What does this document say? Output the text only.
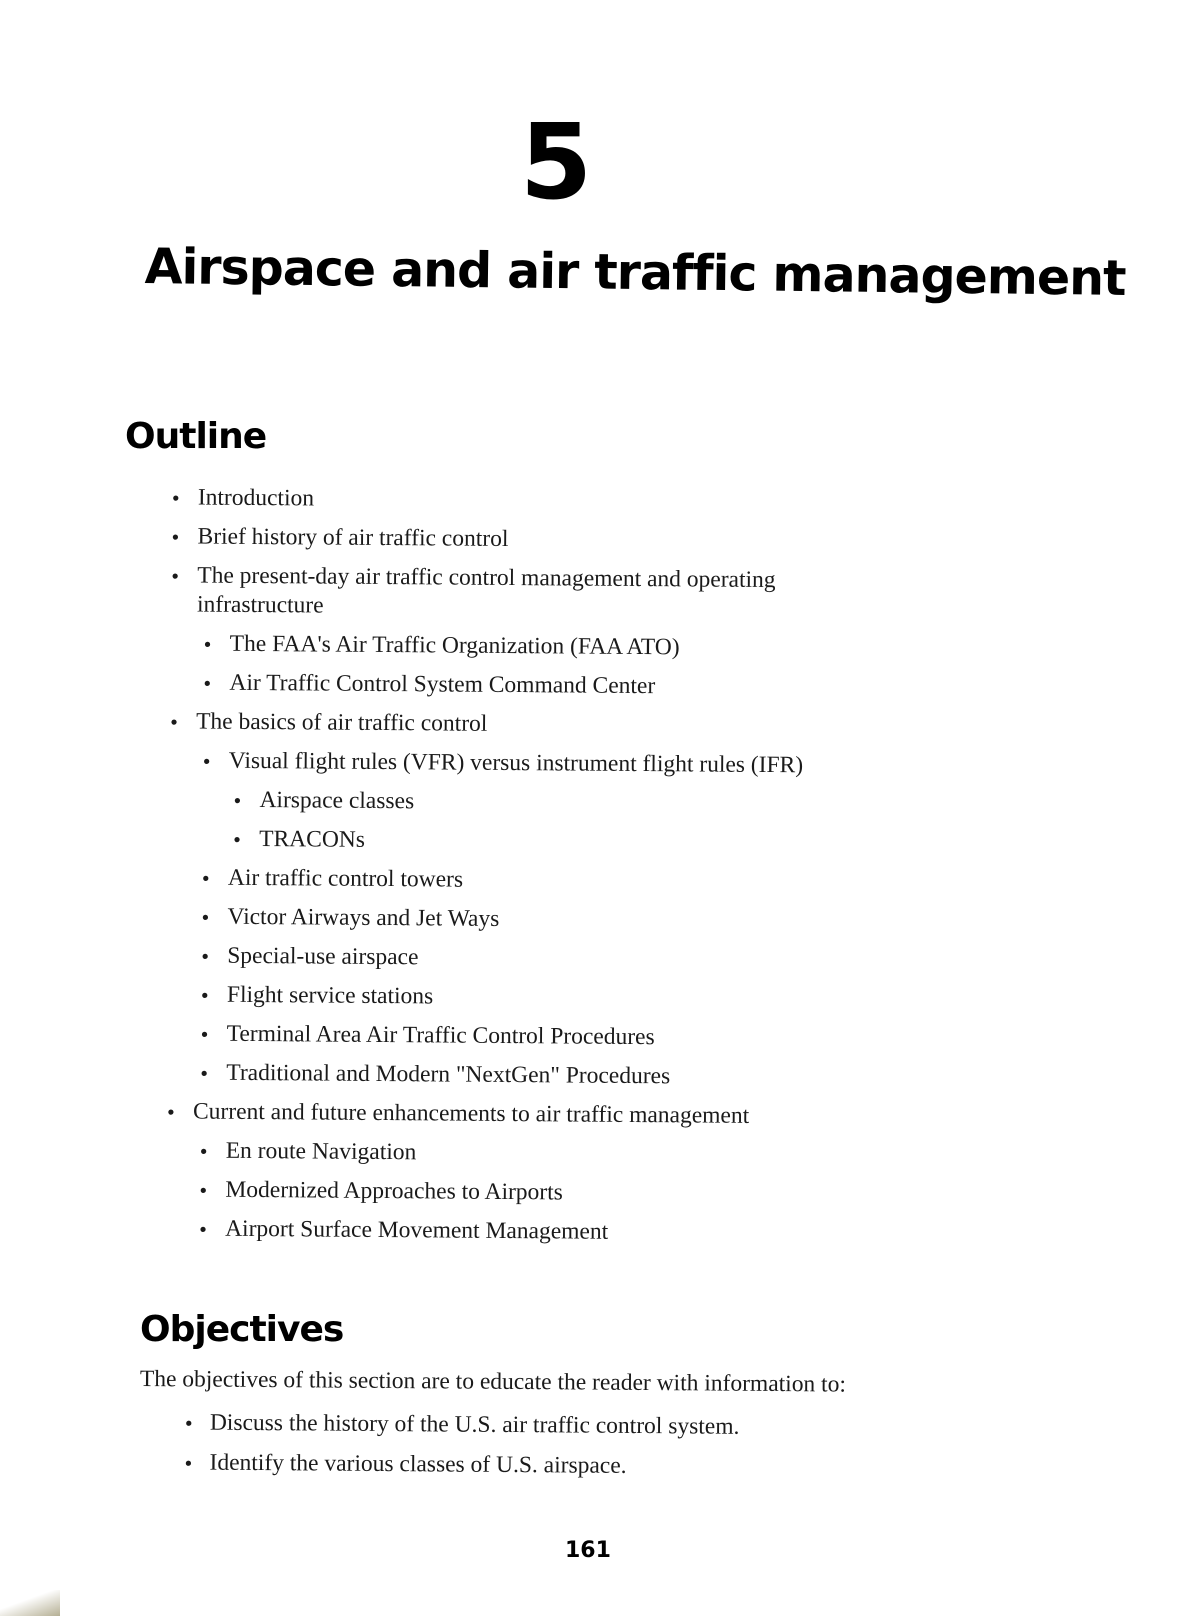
5
Airspace and air traffic management
Outline
• Introduction
• Brief history of air traffic control
• The present-day air traffic control management and operating infrastructure
• The FAA's Air Traffic Organization (FAA ATO)
• Air Traffic Control System Command Center
• The basics of air traffic control
• Visual flight rules (VFR) versus instrument flight rules (IFR)
• Airspace classes
• TRACONs
• Air traffic control towers
• Victor Airways and Jet Ways
• Special-use airspace
• Flight service stations
• Terminal Area Air Traffic Control Procedures
• Traditional and Modern "NextGen" Procedures
• Current and future enhancements to air traffic management
• En route Navigation
• Modernized Approaches to Airports
• Airport Surface Movement Management
Objectives
The objectives of this section are to educate the reader with information to:
• Discuss the history of the U.S. air traffic control system.
• Identify the various classes of U.S. airspace.
161
